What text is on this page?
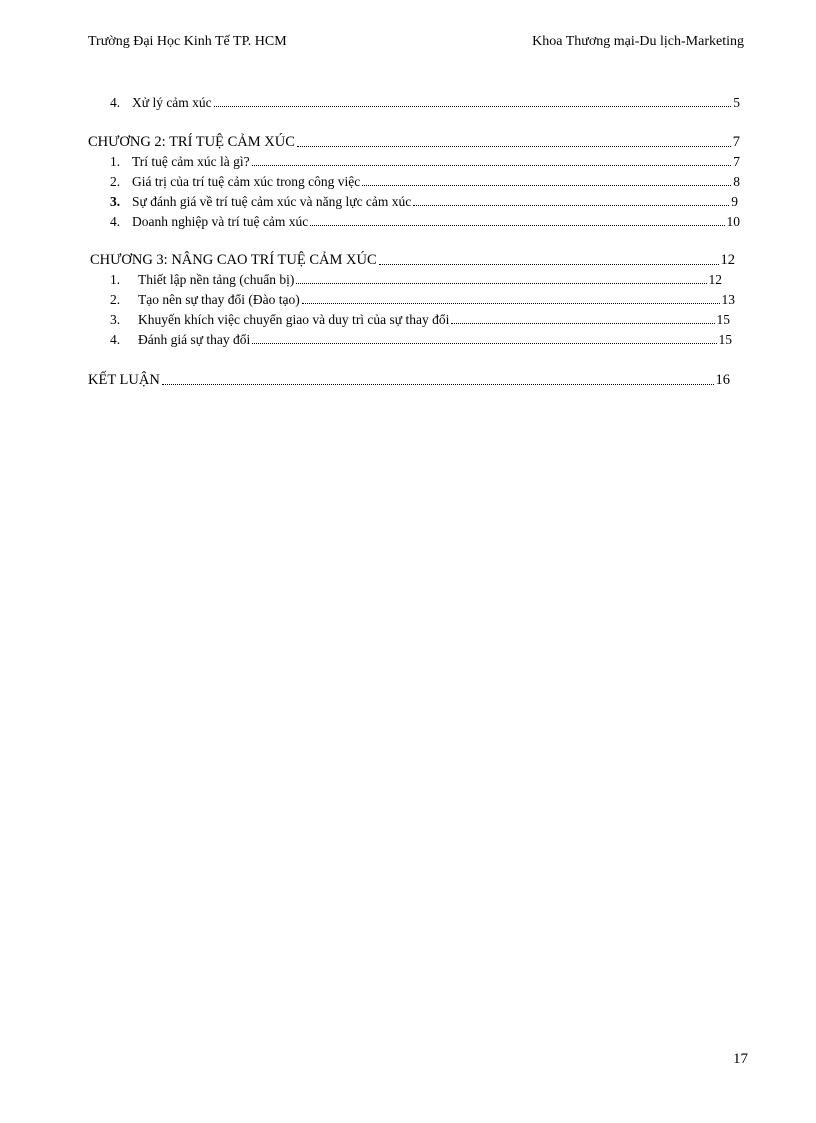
Trường Đại Học Kinh Tế TP. HCM	Khoa Thương mại-Du lịch-Marketing
4. Xử lý cảm xúc	5
CHƯƠNG 2: TRÍ TUỆ CẢM XÚC	7
1. Trí tuệ cảm xúc là gì?	7
2. Giá trị của trí tuệ cảm xúc trong công việc	8
3. Sự đánh giá về trí tuệ cảm xúc và năng lực cảm xúc	9
4. Doanh nghiệp và trí tuệ cảm xúc	10
CHƯƠNG 3: NÂNG CAO TRÍ TUỆ CẢM XÚC	12
1.	Thiết lập nền tảng (chuẩn bị)	12
2.	Tạo nên sự thay đổi (Đào tạo)	13
3.	Khuyến khích việc chuyển giao và duy trì của sự thay đổi	15
4.	Đánh giá sự thay đổi	15
KẾT LUẬN	16
17
